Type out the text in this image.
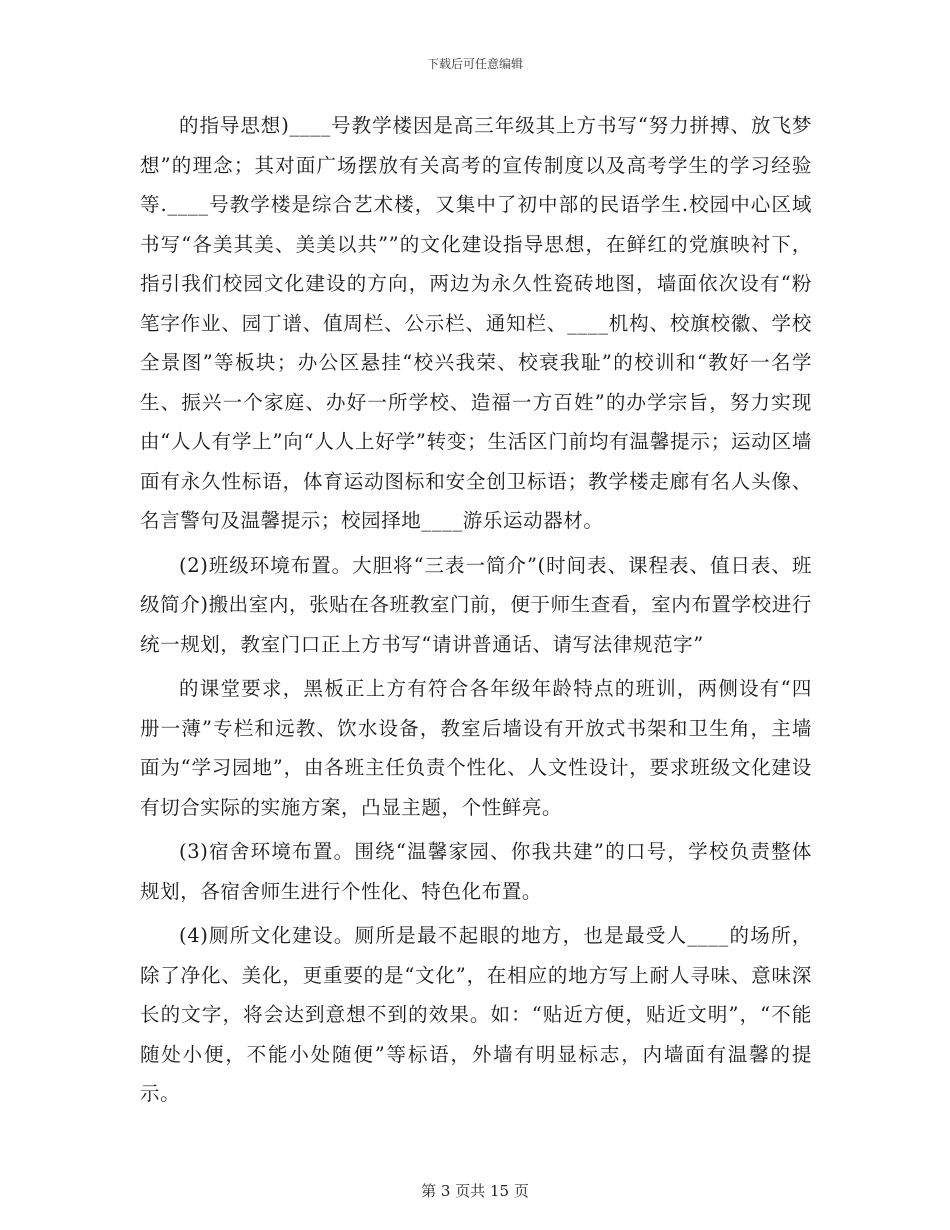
下载后可任意编辑

的指导思想)____号教学楼因是高三年级其上方书写“努力拼搏、放飞梦想”的理念；其对面广场摆放有关高考的宣传制度以及高考学生的学习经验等.____号教学楼是综合艺术楼，又集中了初中部的民语学生.校园中心区域书写“各美其美、美美以共””的文化建设指导思想，在鲜红的党旗映衬下，指引我们校园文化建设的方向，两边为永久性瓷砖地图，墙面依次设有“粉笔字作业、园丁谱、值周栏、公示栏、通知栏、____机构、校旗校徽、学校全景图”等板块；办公区悬挂“校兴我荣、校衰我耻”的校训和“教好一名学生、振兴一个家庭、办好一所学校、造福一方百姓”的办学宗旨，努力实现由“人人有学上”向“人人上好学”转变；生活区门前均有温馨提示；运动区墙面有永久性标语，体育运动图标和安全创卫标语；教学楼走廊有名人头像、名言警句及温馨提示；校园择地____游乐运动器材。

(2)班级环境布置。大胆将“三表一简介”(时间表、课程表、值日表、班级简介)搬出室内，张贴在各班教室门前，便于师生查看，室内布置学校进行统一规划，教室门口正上方书写“请讲普通话、请写法律规范字”

的课堂要求，黑板正上方有符合各年级年龄特点的班训，两侧设有“四册一薄”专栏和远教、饮水设备，教室后墙设有开放式书架和卫生角，主墙面为“学习园地”，由各班主任负责个性化、人文性设计，要求班级文化建设有切合实际的实施方案，凸显主题，个性鲜亮。

(3)宿舍环境布置。围绕“温馨家园、你我共建”的口号，学校负责整体规划，各宿舍师生进行个性化、特色化布置。

(4)厕所文化建设。厕所是最不起眼的地方，也是最受人____的场所，除了净化、美化，更重要的是“文化”，在相应的地方写上耐人寻味、意味深长的文字，将会达到意想不到的效果。如：“贴近方便，贴近文明”，“不能随处小便，不能小处随便”等标语，外墙有明显标志，内墙面有温馨的提示。

第 3 页共 15 页
